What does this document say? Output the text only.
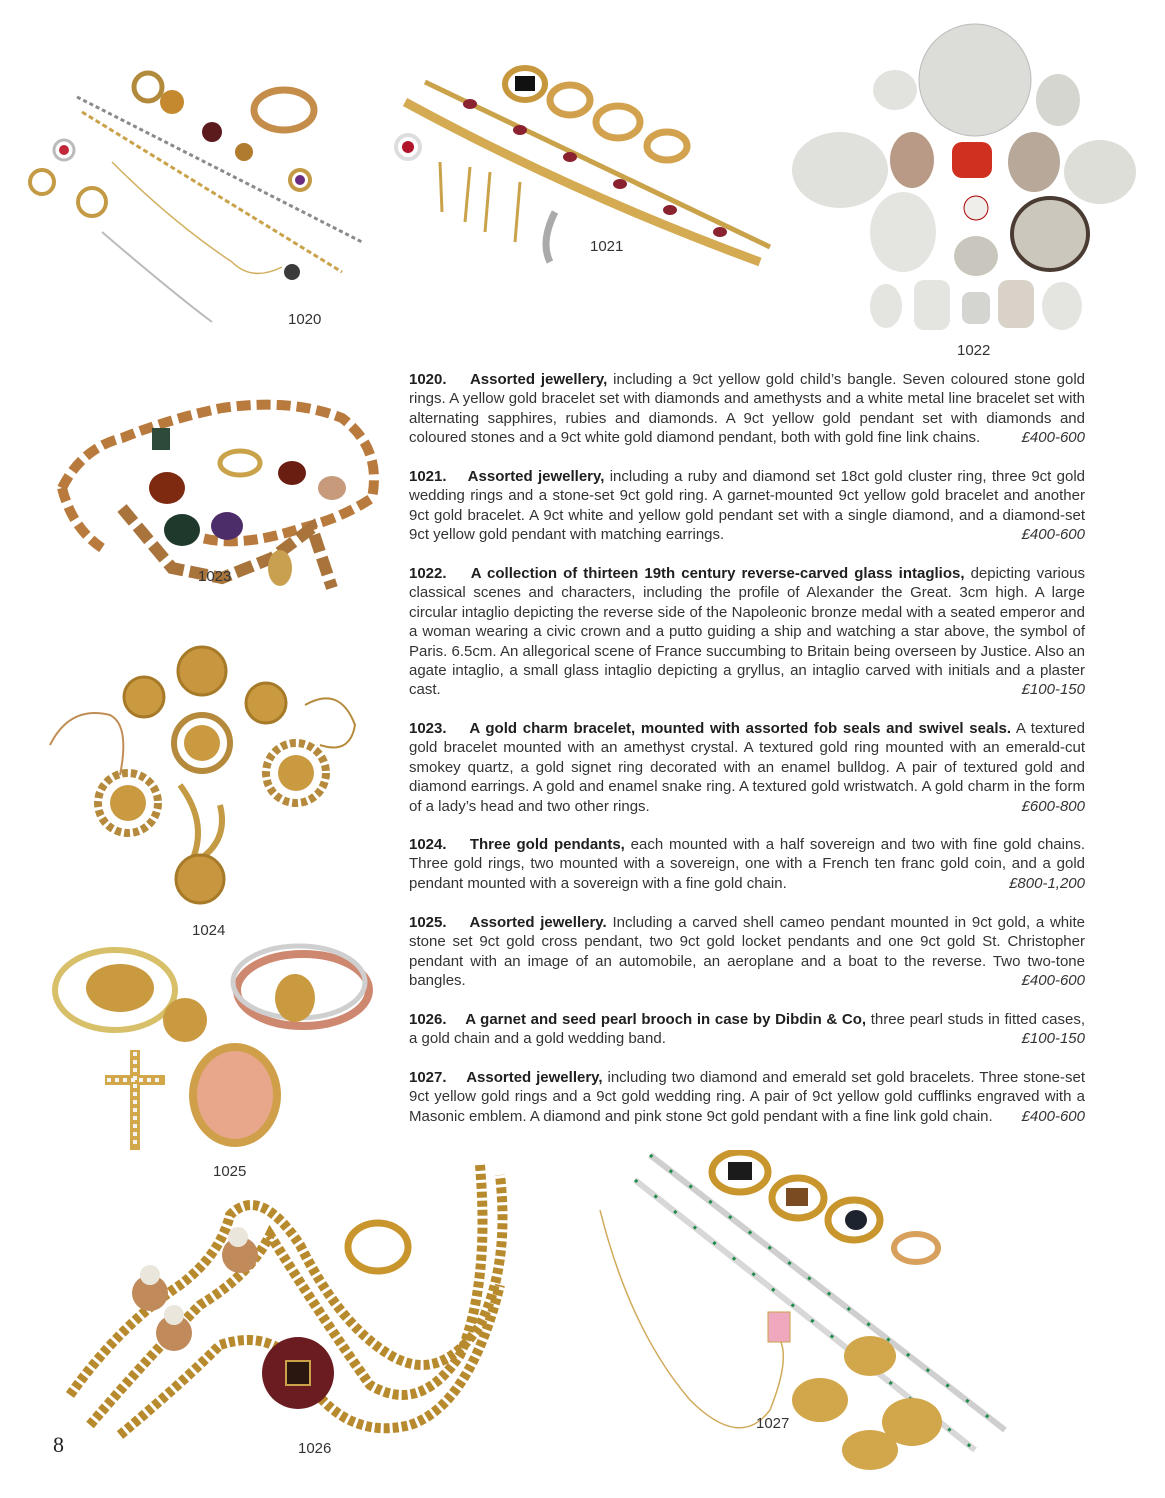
1020
1021
1022
1023
1024
1025
1026
1027
1020. Assorted jewellery, including a 9ct yellow gold child’s bangle. Seven coloured stone gold rings. A yellow gold bracelet set with diamonds and amethysts and a white metal line bracelet set with alternating sapphires, rubies and diamonds. A 9ct yellow gold pendant set with diamonds and coloured stones and a 9ct white gold diamond pendant, both with gold fine link chains.	£400-600
1021. Assorted jewellery, including a ruby and diamond set 18ct gold cluster ring, three 9ct gold wedding rings and a stone-set 9ct gold ring. A garnet-mounted 9ct yellow gold bracelet and another 9ct gold bracelet. A 9ct white and yellow gold pendant set with a single diamond, and a diamond-set 9ct yellow gold pendant with matching earrings.	£400-600
1022. A collection of thirteen 19th century reverse-carved glass intaglios, depicting various classical scenes and characters, including the profile of Alexander the Great. 3cm high. A large circular intaglio depicting the reverse side of the Napoleonic bronze medal with a seated emperor and a woman wearing a civic crown and a putto guiding a ship and watching a star above, the symbol of Paris. 6.5cm. An allegorical scene of France succumbing to Britain being overseen by Justice. Also an agate intaglio, a small glass intaglio depicting a gryllus, an intaglio carved with initials and a plaster cast.	£100-150
1023. A gold charm bracelet, mounted with assorted fob seals and swivel seals. A textured gold bracelet mounted with an amethyst crystal. A textured gold ring mounted with an emerald-cut smokey quartz, a gold signet ring decorated with an enamel bulldog. A pair of textured gold and diamond earrings. A gold and enamel snake ring. A textured gold wristwatch. A gold charm in the form of a lady’s head and two other rings.	£600-800
1024. Three gold pendants, each mounted with a half sovereign and two with fine gold chains. Three gold rings, two mounted with a sovereign, one with a French ten franc gold coin, and a gold pendant mounted with a sovereign with a fine gold chain.	£800-1,200
1025. Assorted jewellery. Including a carved shell cameo pendant mounted in 9ct gold, a white stone set 9ct gold cross pendant, two 9ct gold locket pendants and one 9ct gold St. Christopher pendant with an image of an automobile, an aeroplane and a boat to the reverse. Two two-tone bangles.	£400-600
1026. A garnet and seed pearl brooch in case by Dibdin & Co, three pearl studs in fitted cases, a gold chain and a gold wedding band.	£100-150
1027. Assorted jewellery, including two diamond and emerald set gold bracelets. Three stone-set 9ct yellow gold rings and a 9ct gold wedding ring. A pair of 9ct yellow gold cufflinks engraved with a Masonic emblem. A diamond and pink stone 9ct gold pendant with a fine link gold chain. £400-600
8
